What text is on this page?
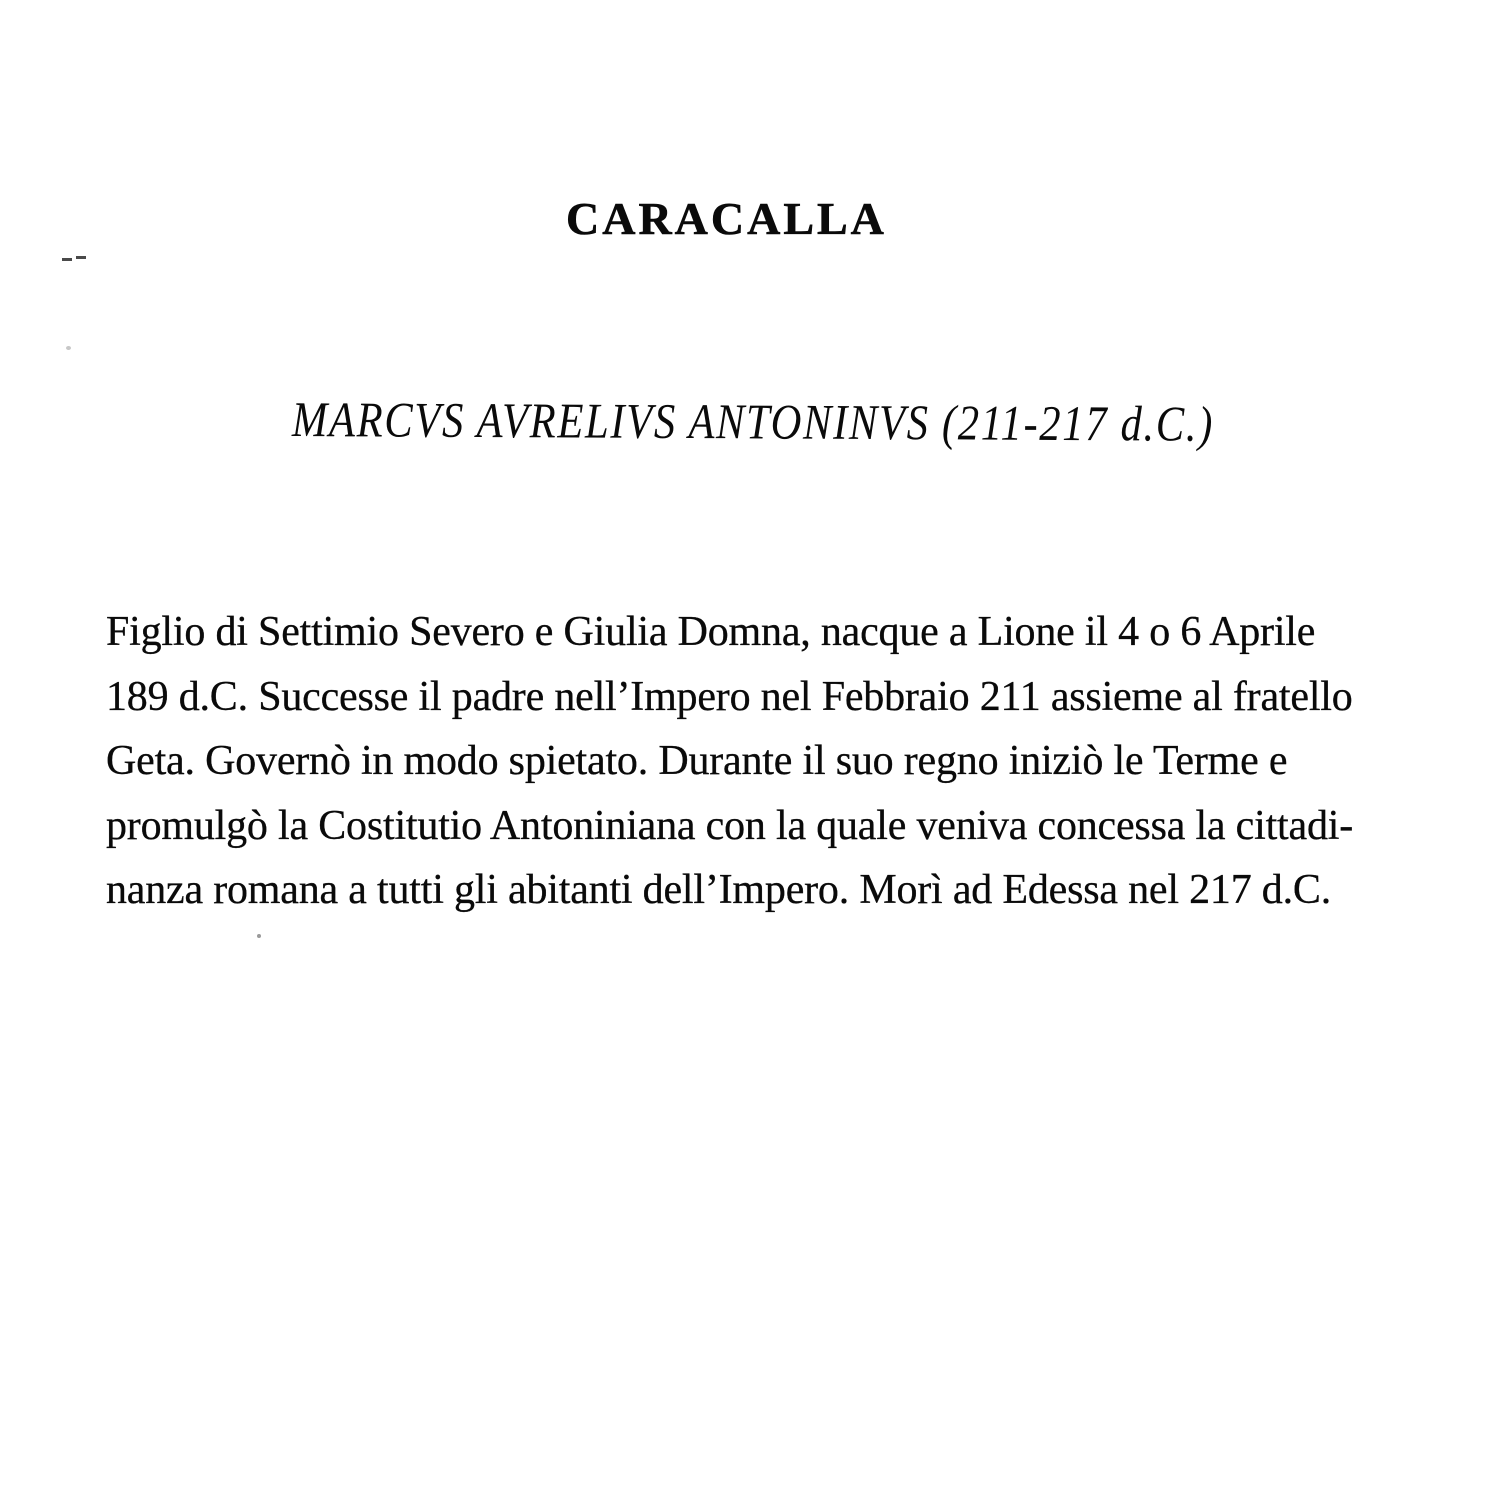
CARACALLA
MARCVS AVRELIVS ANTONINVS (211-217 d.C.)
Figlio di Settimio Severo e Giulia Domna, nacque a Lione il 4 o 6 Aprile
189 d.C. Successe il padre nell’Impero nel Febbraio 211 assieme al fratello
Geta. Governò in modo spietato. Durante il suo regno iniziò le Terme e
promulgò la Costitutio Antoniniana con la quale veniva concessa la cittadi-
nanza romana a tutti gli abitanti dell’Impero. Morì ad Edessa nel 217 d.C.
